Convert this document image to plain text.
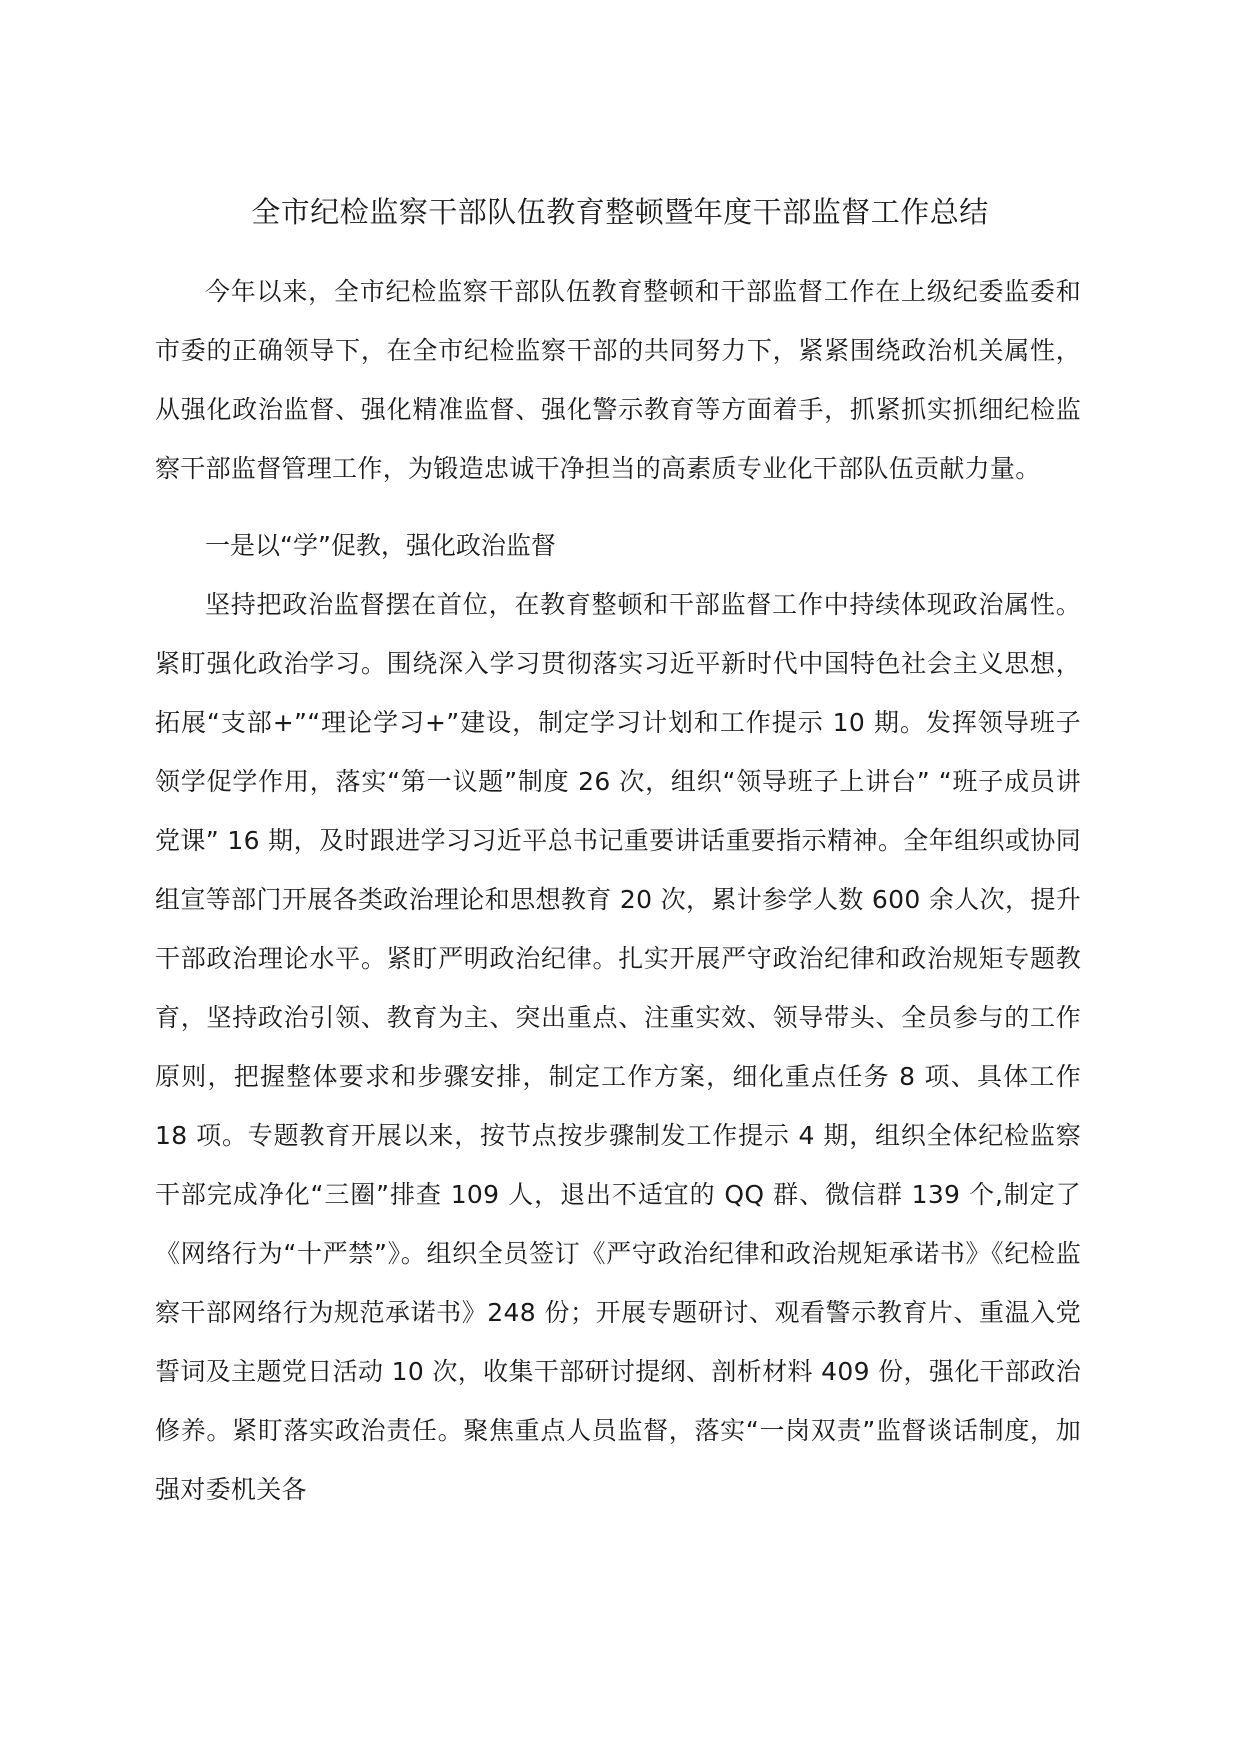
全市纪检监察干部队伍教育整顿暨年度干部监督工作总结

今年以来，全市纪检监察干部队伍教育整顿和干部监督工作在上级纪委监委和市委的正确领导下，在全市纪检监察干部的共同努力下，紧紧围绕政治机关属性，从强化政治监督、强化精准监督、强化警示教育等方面着手，抓紧抓实抓细纪检监察干部监督管理工作，为锻造忠诚干净担当的高素质专业化干部队伍贡献力量。

一是以“学”促教，强化政治监督

坚持把政治监督摆在首位，在教育整顿和干部监督工作中持续体现政治属性。紧盯强化政治学习。围绕深入学习贯彻落实习近平新时代中国特色社会主义思想，拓展“支部+”“理论学习+”建设，制定学习计划和工作提示 10 期。发挥领导班子领学促学作用，落实“第一议题”制度 26 次，组织“领导班子上讲台” “班子成员讲党课” 16 期，及时跟进学习习近平总书记重要讲话重要指示精神。全年组织或协同组宣等部门开展各类政治理论和思想教育 20 次，累计参学人数 600 余人次，提升干部政治理论水平。紧盯严明政治纪律。扎实开展严守政治纪律和政治规矩专题教育，坚持政治引领、教育为主、突出重点、注重实效、领导带头、全员参与的工作原则，把握整体要求和步骤安排，制定工作方案，细化重点任务 8 项、具体工作 18 项。专题教育开展以来，按节点按步骤制发工作提示 4 期，组织全体纪检监察干部完成净化“三圈”排查 109 人，退出不适宜的 QQ 群、微信群 139 个,制定了《网络行为“十严禁”》。组织全员签订《严守政治纪律和政治规矩承诺书》《纪检监察干部网络行为规范承诺书》248 份；开展专题研讨、观看警示教育片、重温入党誓词及主题党日活动 10 次，收集干部研讨提纲、剖析材料 409 份，强化干部政治修养。紧盯落实政治责任。聚焦重点人员监督，落实“一岗双责”监督谈话制度，加强对委机关各
